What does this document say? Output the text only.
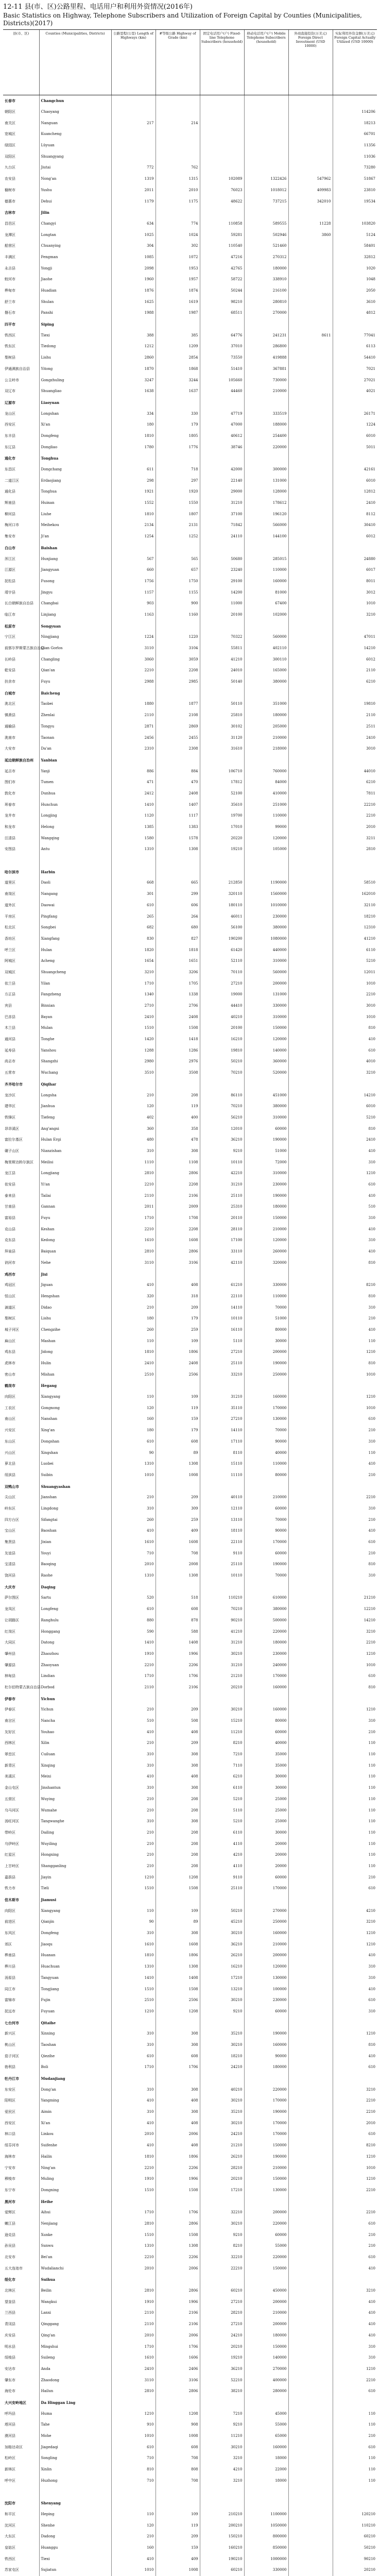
12-11 县(市、区)公路里程、电话用户和利用外资情况(2016年)
Basic Statistics on Highway, Telephone Subscribers and Utilization of Foreign Capital by Counties (Municipalities, Districts)(2017)
县(市、区)	Counties (Municipalities, Districts)	公路里程(公里) Length of Highways (km)	#等级公路 Highway of Grade (km)	固定电话用户(户) Fixed-line Telephone Subscribers (household)	移动电话用户(户) Mobile Telephone Subscribers (household)	外商直接投资(万美元) Foreign Direct Investment (USD 10000)	实际利用外资金额(万美元) Foreign Capital Actually Utilized (USD 10000)
长春市	Changchun						
朝阳区	Chaoyang						114206
南关区	Nanguan	217	214				18213
宽城区	Kuancheng						66701
绿园区	Lüyuan						11356
双阳区	Shuangyang						11036
九台区	Jiutai	772	762				73280
农安县	Nong'an	1319	1315	102089	1322426	547962	51867
榆树市	Yushu	2011	2010	76023	1018012	409983	23810
德惠市	Dehui	1179	1175	48622	737215	342010	19534
吉林市	Jilin						
昌邑区	Changyi	634	774	110858	589555	11228	103820
龙潭区	Longtan	1025	1024	59281	502946	3860	5124
船营区	Chuanying	304	302	110540	521460		58401
丰满区	Fengman	1085	1072	47216	270312		32812
永吉县	Yongji	2098	1953	42765	180000		1020
蛟河市	Jiaohe	1960	1957	58722	338910		1048
桦甸市	Huadian	1876	1874	50244	216100		2050
舒兰市	Shulan	1625	1619	98210	280810		3610
磐石市	Panshi	1988	1987	68511	270000		4812
四平市	Siping						
铁西区	Tiexi	388	385	64776	241231	8611	77041
铁东区	Tiedong	1212	1209	37010	286800		6113
梨树县	Lishu	2860	2854	73550	419888		54410
伊通满族自治县	Yitong	1870	1868	51410	367881		7021
公主岭市	Gongzhuling	3247	3244	105660	730000		27021
双辽市	Shuangliao	1638	1637	44460	210000		4021
辽源市	Liaoyuan						
龙山区	Longshan	334	330	47719	333519		26171
西安区	Xi'an	180	179	47000	188000		1224
东丰县	Dongfeng	1810	1805	40612	254400		6010
东辽县	Dongliao	1780	1776	38746	220000		5011
通化市	Tonghua						
东昌区	Dongchang	611	718	42000	300000		42161
二道江区	Erdaojiang	298	297	22140	131000		6010
通化县	Tonghua	1921	1920	29000	128000		12812
辉南县	Huinan	1552	1550	31210	178612		2410
柳河县	Liuhe	1810	1807	37100	196120		8112
梅河口市	Meihekou	2134	2131	71842	566000		30410
集安市	Ji'an	1254	1252	24110	144100		6012
白山市	Baishan						
浑江区	Hunjiang	567	565	50680	285015		24880
江源区	Jiangyuan	660	657	23240	110000		6017
抚松县	Fusong	1756	1750	29100	160000		8011
靖宇县	Jingyu	1157	1155	14200	81000		3012
长白朝鲜族自治县	Changbai	903	900	11000	67400		1010
临江市	Linjiang	1163	1160	20100	102000		3210
松原市	Songyuan						
宁江区	Ningjiang	1224	1220	70322	560000		47011
前郭尔罗斯蒙古族自治县	Qian Gorlos	3110	3104	55811	402110		14210
长岭县	Changling	3060	3059	41210	300110		6012
乾安县	Qian'an	2210	2208	24010	165000		2110
扶余市	Fuyu	2988	2985	50140	380000		6210
白城市	Baicheng						
洮北区	Taobei	1880	1877	50110	351000		19810
镇赉县	Zhenlai	2110	2108	25810	180000		2110
通榆县	Tongyu	2871	2869	30102	205000		2511
洮南市	Taonan	2456	2455	31120	210000		2410
大安市	Da'an	2310	2308	31610	218000		3010
延边朝鲜族自治州	Yanbian						
延吉市	Yanji	886	884	106710	760000		44010
图们市	Tumen	471	470	17812	84000		6210
敦化市	Dunhua	2412	2408	52100	410000		7811
珲春市	Hunchun	1410	1407	35610	251000		22210
龙井市	Longjing	1120	1117	19700	110000		2210
和龙市	Helong	1385	1383	17010	99000		2010
汪清县	Wangqing	1580	1578	20220	120000		3211
安图县	Antu	1310	1308	19210	105000		2810

哈尔滨市	Harbin						
道里区	Daoli	668	665	212850	1190000		58510
南岗区	Nangang	301	299	320110	1560000		162010
道外区	Daowai	610	606	180110	1010000		32110
平房区	Pingfang	265	264	46011	230000		18210
松北区	Songbei	682	680	56100	380000		12310
香坊区	Xiangfang	830	827	190200	1080000		41210
呼兰区	Hulan	1820	1818	61420	440000		6110
阿城区	Acheng	1654	1651	52110	310000		5210
双城区	Shuangcheng	3210	3206	70110	560000		12011
依兰县	Yilan	1710	1705	27210	200000		1010
方正县	Fangzheng	1340	1338	19000	131000		2210
宾县	Binxian	2710	2706	44410	330000		3010
巴彦县	Bayan	2410	2408	40210	310000		1010
木兰县	Mulan	1510	1508	20100	150000		810
通河县	Tonghe	1420	1418	16210	120000		410
延寿县	Yanshou	1288	1286	19810	140000		610
尚志市	Shangzhi	2980	2976	50210	360000		4010
五常市	Wuchang	3510	3508	70210	520000		3210
齐齐哈尔市	Qiqihar						
龙沙区	Longsha	210	208	86110	451000		14210
建华区	Jianhua	120	119	70210	380000		6010
铁锋区	Tiefeng	402	400	56210	310000		5210
昂昂溪区	Ang'angxi	360	358	12010	60000		810
富拉尔基区	Hulan Ergi	480	478	36210	190000		2410
碾子山区	Nianzishan	310	308	9210	51000		410
梅里斯达斡尔族区	Meilisi	1110	1108	10110	72000		310
龙江县	Longjiang	2810	2806	42210	310000		1210
依安县	Yi'an	2210	2208	31210	230000		610
泰来县	Tailai	2110	2106	25110	190000		410
甘南县	Gannan	2011	2009	25310	180000		510
富裕县	Fuyu	1710	1708	20110	150000		310
克山县	Keshan	2210	2208	28110	210000		410
克东县	Kedong	1610	1608	17100	120000		310
拜泉县	Baiquan	2810	2806	33110	260000		410
讷河市	Nehe	3110	3106	42110	320000		810
鸡西市	Jixi						
鸡冠区	Jiguan	410	408	61210	330000		8210
恒山区	Hengshan	320	318	22110	110000		810
滴道区	Didao	210	209	14110	70000		310
梨树区	Lishu	180	179	10110	51000		210
城子河区	Chengzihe	260	259	16110	80000		410
麻山区	Mashan	110	109	5110	30000		110
鸡东县	Jidong	1810	1806	27210	200000		1210
虎林市	Hulin	2410	2408	25110	190000		810
密山市	Mishan	2510	2506	33210	250000		1010
鹤岗市	Hegang						
向阳区	Xiangyang	110	109	31210	160000		1210
工农区	Gongnong	120	119	35110	170000		1010
南山区	Nanshan	160	159	27210	130000		610
兴安区	Xing'an	180	179	14110	70000		210
东山区	Dongshan	610	608	17110	90000		310
兴山区	Xingshan	90	89	8110	40000		110
萝北县	Luobei	1310	1308	15110	110000		410
绥滨县	Suibin	1010	1008	11110	80000		210
双鸭山市	Shuangyashan						
尖山区	Jianshan	210	209	40110	210000		2210
岭东区	Lingdong	310	309	12110	60000		310
四方台区	Sifangtai	260	259	13110	70000		210
宝山区	Baoshan	410	409	18110	90000		410
集贤县	Jixian	1610	1608	22110	170000		610
友谊县	Youyi	710	708	9110	60000		210
宝清县	Baoqing	2010	2008	25110	190000		810
饶河县	Raohe	1310	1308	10110	70000		310
大庆市	Daqing						
萨尔图区	Sartu	520	518	110210	610000		21210
龙凤区	Longfeng	610	608	70210	380000		12210
让胡路区	Ranghulu	880	878	90210	500000		14210
红岗区	Honggang	590	588	41210	220000		3210
大同区	Datong	1410	1408	31210	180000		2210
肇州县	Zhaozhou	1910	1906	30210	230000		1210
肇源县	Zhaoyuan	2210	2206	31210	240000		1010
林甸县	Lindian	1710	1706	21210	170000		610
杜尔伯特蒙古族自治县	Dorbod	2110	2106	20210	160000		810
伊春市	Yichun						
伊春区	Yichun	210	209	30210	160000		1210
南岔区	Nancha	510	508	15210	80000		310
友好区	Youhao	410	408	11210	60000		210
西林区	Xilin	210	209	8210	40000		110
翠峦区	Cuiluan	310	308	7210	35000		110
新青区	Xinqing	310	308	7110	35000		110
美溪区	Meixi	410	408	6210	30000		110
金山屯区	Jinshantun	310	308	6110	30000		110
五营区	Wuying	210	208	5210	25000		110
乌马河区	Wumahe	210	208	5110	25000		110
汤旺河区	Tangwanghe	310	308	5210	25000		110
带岭区	Dailing	210	208	6110	30000		110
乌伊岭区	Wuyiling	210	208	4110	20000		110
红星区	Hongxing	210	208	4210	20000		110
上甘岭区	Shangganling	210	208	4110	20000		110
嘉荫县	Jiayin	1210	1208	9110	60000		210
铁力市	Tieli	1510	1508	25110	170000		610
佳木斯市	Jiamusi						
向阳区	Xiangyang	110	109	50210	270000		4210
前进区	Qianjin	90	89	45210	250000		3210
东风区	Dongfeng	310	308	30210	160000		1210
郊区	Jiaoqu	1610	1608	36210	210000		1210
桦南县	Huanan	1810	1806	26210	200000		410
桦川县	Huachuan	1310	1308	16210	120000		310
汤原县	Tangyuan	1410	1408	17210	130000		310
同江市	Tongjiang	1510	1508	13210	100000		410
富锦市	Fujin	2510	2506	30210	230000		610
抚远市	Fuyuan	1210	1208	9210	60000		310
七台河市	Qitaihe						
新兴区	Xinxing	310	308	35210	190000		1210
桃山区	Taoshan	310	308	30210	160000		810
茄子河区	Qiezihe	610	608	18210	90000		410
勃利县	Boli	1710	1706	24210	180000		610
牡丹江市	Mudanjiang						
东安区	Dong'an	310	308	40210	220000		3210
阳明区	Yangming	410	408	30210	170000		2210
爱民区	Aimin	310	308	35210	190000		2210
西安区	Xi'an	410	408	30210	170000		2010
林口县	Linkou	2010	2006	24210	170000		610
绥芬河市	Suifenhe	410	408	21210	150000		8210
海林市	Hailin	1810	1806	26210	190000		1210
宁安市	Ning'an	2210	2206	28210	210000		1010
穆棱市	Muling	1910	1906	20210	150000		1210
东宁市	Dongning	1510	1508	17210	130000		2210
黑河市	Heihe						
爱辉区	Aihui	1710	1706	32210	200000		2210
嫩江县	Nenjiang	2810	2806	30210	220000		610
逊克县	Xunke	1510	1508	9210	60000		210
孙吴县	Sunwu	1310	1308	8210	55000		210
北安市	Bei'an	2210	2206	32210	220000		610
五大连池市	Wudalianchi	2010	2006	22210	150000		410
绥化市	Suihua						
北林区	Beilin	2810	2806	60210	450000		3210
望奎县	Wangkui	1910	1906	27210	200000		410
兰西县	Lanxi	2110	2106	28210	210000		410
青冈县	Qinggang	2110	2106	27210	200000		410
庆安县	Qing'an	2010	2006	24210	180000		410
明水县	Mingshui	1710	1706	20210	150000		310
绥棱县	Suileng	1610	1606	19210	140000		310
安达市	Anda	2410	2406	36210	270000		1210
肇东市	Zhaodong	3110	3106	52210	400000		2210
海伦市	Hailun	2810	2806	38210	280000		610
大兴安岭地区	Da Hinggan Ling						
呼玛县	Huma	1210	1208	7210	45000		110
塔河县	Tahe	910	908	9210	55000		110
漠河县	Mohe	1010	1008	11210	65000		210
加格达奇区	Jiagedaqi	610	608	30210	160000		610
松岭区	Songling	710	708	3210	18000		110
新林区	Xinlin	810	808	4210	22000		110
呼中区	Huzhong	710	708	3210	18000		110

沈阳市	Shenyang						
和平区	Heping	110	109	210210	1100000		120210
沈河区	Shenhe	120	119	200210	1050000		110210
大东区	Dadong	210	209	150210	800000		60210
皇姑区	Huanggu	160	159	160210	850000		50210
铁西区	Tiexi	410	409	190210	1000000		90210
苏家屯区	Sujiatun	1010	1008	60210	330000		20210
